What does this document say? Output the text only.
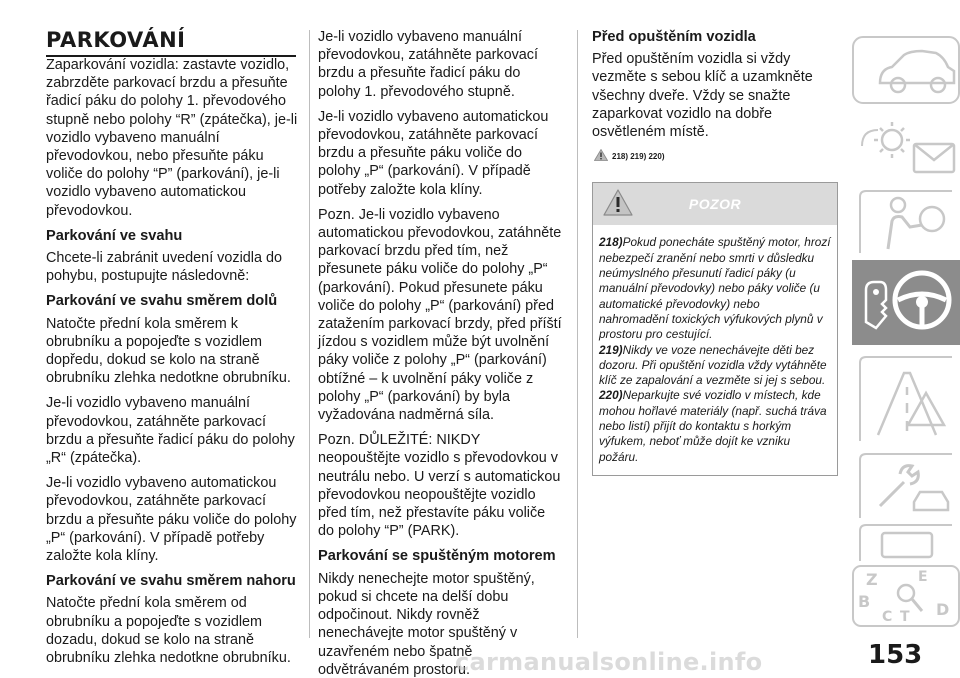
PARKOVÁNÍ

Zaparkování vozidla: zastavte vozidlo, zabrzděte parkovací brzdu a přesuňte řadicí páku do polohy 1. převodového stupně nebo polohy “R” (zpátečka), je-li vozidlo vybaveno manuální převodovkou, nebo přesuňte páku voliče do polohy “P” (parkování), je-li vozidlo vybaveno automatickou převodovkou.

Parkování ve svahu

Chcete-li zabránit uvedení vozidla do pohybu, postupujte následovně:

Parkování ve svahu směrem dolů

Natočte přední kola směrem k obrubníku a popojeďte s vozidlem dopředu, dokud se kolo na straně obrubníku zlehka nedotkne obrubníku.

Je-li vozidlo vybaveno manuální převodovkou, zatáhněte parkovací brzdu a přesuňte řadicí páku do polohy „R“ (zpátečka).

Je-li vozidlo vybaveno automatickou převodovkou, zatáhněte parkovací brzdu a přesuňte páku voliče do polohy „P“ (parkování). V případě potřeby založte kola klíny.

Parkování ve svahu směrem nahoru

Natočte přední kola směrem od obrubníku a popojeďte s vozidlem dozadu, dokud se kolo na straně obrubníku zlehka nedotkne obrubníku.

Je-li vozidlo vybaveno manuální převodovkou, zatáhněte parkovací brzdu a přesuňte řadicí páku do polohy 1. převodového stupně.

Je-li vozidlo vybaveno automatickou převodovkou, zatáhněte parkovací brzdu a přesuňte páku voliče do polohy „P“ (parkování). V případě potřeby založte kola klíny.

Pozn. Je-li vozidlo vybaveno automatickou převodovkou, zatáhněte parkovací brzdu před tím, než přesunete páku voliče do polohy „P“ (parkování). Pokud přesunete páku voliče do polohy „P“ (parkování) před zatažením parkovací brzdy, před příští jízdou s vozidlem může být uvolnění páky voliče z polohy „P“ (parkování) obtížné – k uvolnění páky voliče z polohy „P“ (parkování) by byla vyžadována nadměrná síla.

Pozn. DŮLEŽITÉ: NIKDY neopouštějte vozidlo s převodovkou v neutrálu nebo. U verzí s automatickou převodovkou neopouštějte vozidlo před tím, než přestavíte páku voliče do polohy “P” (PARK).

Parkování se spuštěným motorem

Nikdy nenechejte motor spuštěný, pokud si chcete na delší dobu odpočinout. Nikdy rovněž nenechávejte motor spuštěný v uzavřeném nebo špatně odvětrávaném prostoru.

Před opuštěním vozidla

Před opuštěním vozidla si vždy vezměte s sebou klíč a uzamkněte všechny dveře. Vždy se snažte zaparkovat vozidlo na dobře osvětleném místě.

218) 219) 220)
POZOR
218)Pokud ponecháte spuštěný motor, hrozí nebezpečí zranění nebo smrti v důsledku neúmyslného přesunutí řadicí páky (u manuální převodovky) nebo páky voliče (u automatické převodovky) nebo nahromadění toxických výfukových plynů v prostoru pro cestující.
219)Nikdy ve voze nenechávejte děti bez dozoru. Při opuštění vozidla vždy vytáhněte klíč ze zapalování a vezměte si jej s sebou.
220)Neparkujte své vozidlo v místech, kde mohou hořlavé materiály (např. suchá tráva nebo listí) přijít do kontaktu s horkým výfukem, neboť může dojít ke vzniku požáru.
Z	E
B
C T D
153
carmanualsonline.info
